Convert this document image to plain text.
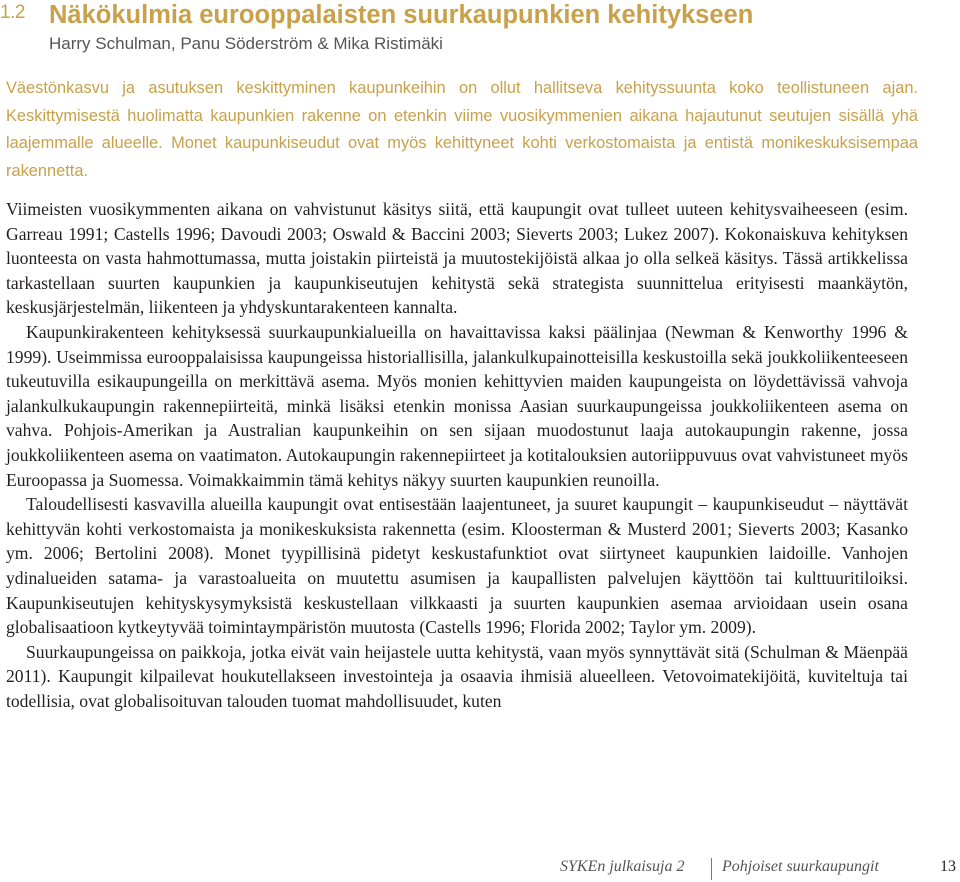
1.2 Näkökulmia eurooppalaisten suurkaupunkien kehitykseen
Harry Schulman, Panu Söderström & Mika Ristimäki

Väestönkasvu ja asutuksen keskittyminen kaupunkeihin on ollut hallitseva kehityssuunta koko teollistuneen ajan. Keskittymisestä huolimatta kaupunkien rakenne on etenkin viime vuosikymmenien aikana hajautunut seutujen sisällä yhä laajemmalle alueelle. Monet kaupunkiseudut ovat myös kehittyneet kohti verkostomaista ja entistä monikeskuksisempaa rakennetta.

Viimeisten vuosikymmenten aikana on vahvistunut käsitys siitä, että kaupungit ovat tulleet uuteen kehitysvaiheeseen (esim. Garreau 1991; Castells 1996; Davoudi 2003; Oswald & Baccini 2003; Sieverts 2003; Lukez 2007). Kokonaiskuva kehityksen luonteesta on vasta hahmottumassa, mutta joistakin piirteistä ja muutostekijöistä alkaa jo olla selkeä käsitys. Tässä artikkelissa tarkastellaan suurten kaupunkien ja kaupunkiseutujen kehitystä sekä strategista suunnittelua erityisesti maankäytön, keskusjärjestelmän, liikenteen ja yhdyskuntarakenteen kannalta.

Kaupunkirakenteen kehityksessä suurkaupunkialueilla on havaittavissa kaksi päälinjaa (Newman & Kenworthy 1996 & 1999). Useimmissa eurooppalaisissa kaupungeissa historiallisilla, jalankulkupainotteisilla keskustoilla sekä joukkoliikenteeseen tukeutuvilla esikaupungeilla on merkittävä asema. Myös monien kehittyvien maiden kaupungeista on löydettävissä vahvoja jalankulkukaupungin rakennepiirteitä, minkä lisäksi etenkin monissa Aasian suurkaupungeissa joukkoliikenteen asema on vahva. Pohjois-Amerikan ja Australian kaupunkeihin on sen sijaan muodostunut laaja autokaupungin rakenne, jossa joukkoliikenteen asema on vaatimaton. Autokaupungin rakennepiirteet ja kotitalouksien autoriippuvuus ovat vahvistuneet myös Euroopassa ja Suomessa. Voimakkaimmin tämä kehitys näkyy suurten kaupunkien reunoilla.

Taloudellisesti kasvavilla alueilla kaupungit ovat entisestään laajentuneet, ja suuret kaupungit – kaupunkiseudut – näyttävät kehittyvän kohti verkostomaista ja monikeskuksista rakennetta (esim. Kloosterman & Musterd 2001; Sieverts 2003; Kasanko ym. 2006; Bertolini 2008). Monet tyypillisinä pidetyt keskustafunktiot ovat siirtyneet kaupunkien laidoille. Vanhojen ydinalueiden satama- ja varastoalueita on muutettu asumisen ja kaupallisten palvelujen käyttöön tai kulttuuritiloiksi. Kaupunkiseutujen kehityskysymyksistä keskustellaan vilkkaasti ja suurten kaupunkien asemaa arvioidaan usein osana globalisaatioon kytkeytyvää toimintaympäristön muutosta (Castells 1996; Florida 2002; Taylor ym. 2009).

Suurkaupungeissa on paikkoja, jotka eivät vain heijastele uutta kehitystä, vaan myös synnyttävät sitä (Schulman & Mäenpää 2011). Kaupungit kilpailevat houkutellakseen investointeja ja osaavia ihmisiä alueelleen. Vetovoimatekijöitä, kuviteltuja tai todellisia, ovat globalisoituvan talouden tuomat mahdollisuudet, kuten

SYKEn julkaisuja 2 Pohjoiset suurkaupungit	13
